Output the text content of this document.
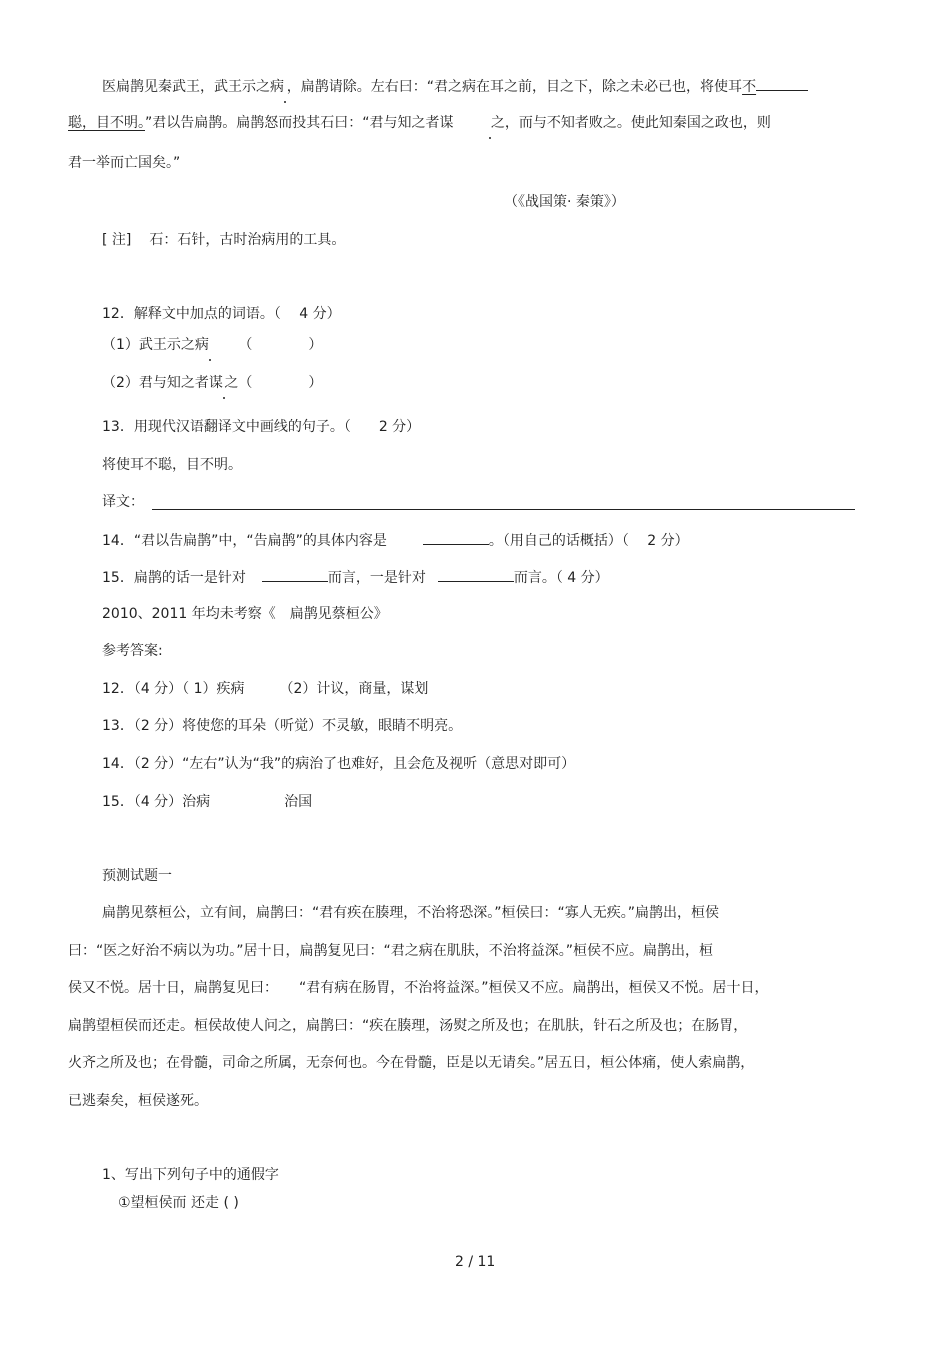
医扁鹊见秦武王，武王示之病   ，扁鹊请除。左右曰：“君之病在耳之前，目之下，除之未必已也，将使耳不
聪，目不明。”君以告扁鹊。扁鹊怒而投其石曰：“君与知之者谋 	之，而与不知者败之。使此知秦国之政也，则
君一举而亡国矣。”
（《战国策· 秦策》）
[ 注] 石：石针，古时治病用的工具。
12．解释文中加点的词语。（　 4 分）
（1）武王示之病  （　　　　）
（2）君与知之者谋 之（　　　　）
13．用现代汉语翻译文中画线的句子。（　　2 分）
将使耳不聪，目不明。
译文：
14．“君以告扁鹊”中，“告扁鹊”的具体内容是	。（用自己的话概括）（　 2 分）
15．扁鹊的话一是针对	而言，一是针对	而言。（ 4 分）
2010、2011 年均未考察《　扁鹊见蔡桓公》
参考答案:
12．（4 分）（ 1）疾病　　　（2）计议，商量，谋划
13．（2 分）将使您的耳朵（听觉）不灵敏，眼睛不明亮。
14．（2 分）“左右”认为“我”的病治了也难好，且会危及视听（意思对即可）
15．（4 分）治病	治国
预测试题一
扁鹊见蔡桓公，立有间，扁鹊曰：“君有疾在腠理，不治将恐深。”桓侯曰：“寡人无疾。”扁鹊出，桓侯
曰：“医之好治不病以为功。”居十日，扁鹊复见曰：“君之病在肌肤，不治将益深。”桓侯不应。扁鹊出，桓
侯又不悦。居十日，扁鹊复见曰：　　“君有病在肠胃，不治将益深。”桓侯又不应。扁鹊出，桓侯又不悦。居十日，
扁鹊望桓侯而还走。桓侯故使人问之，扁鹊曰：“疾在腠理，汤熨之所及也；在肌肤，针石之所及也；在肠胃，
火齐之所及也；在骨髓，司命之所属，无奈何也。今在骨髓，臣是以无请矣。”居五日，桓公体痛，使人索扁鹊，
已逃秦矣，桓侯遂死。
1、写出下列句子中的通假字
①望桓侯而 还走 ( )
2 / 11
